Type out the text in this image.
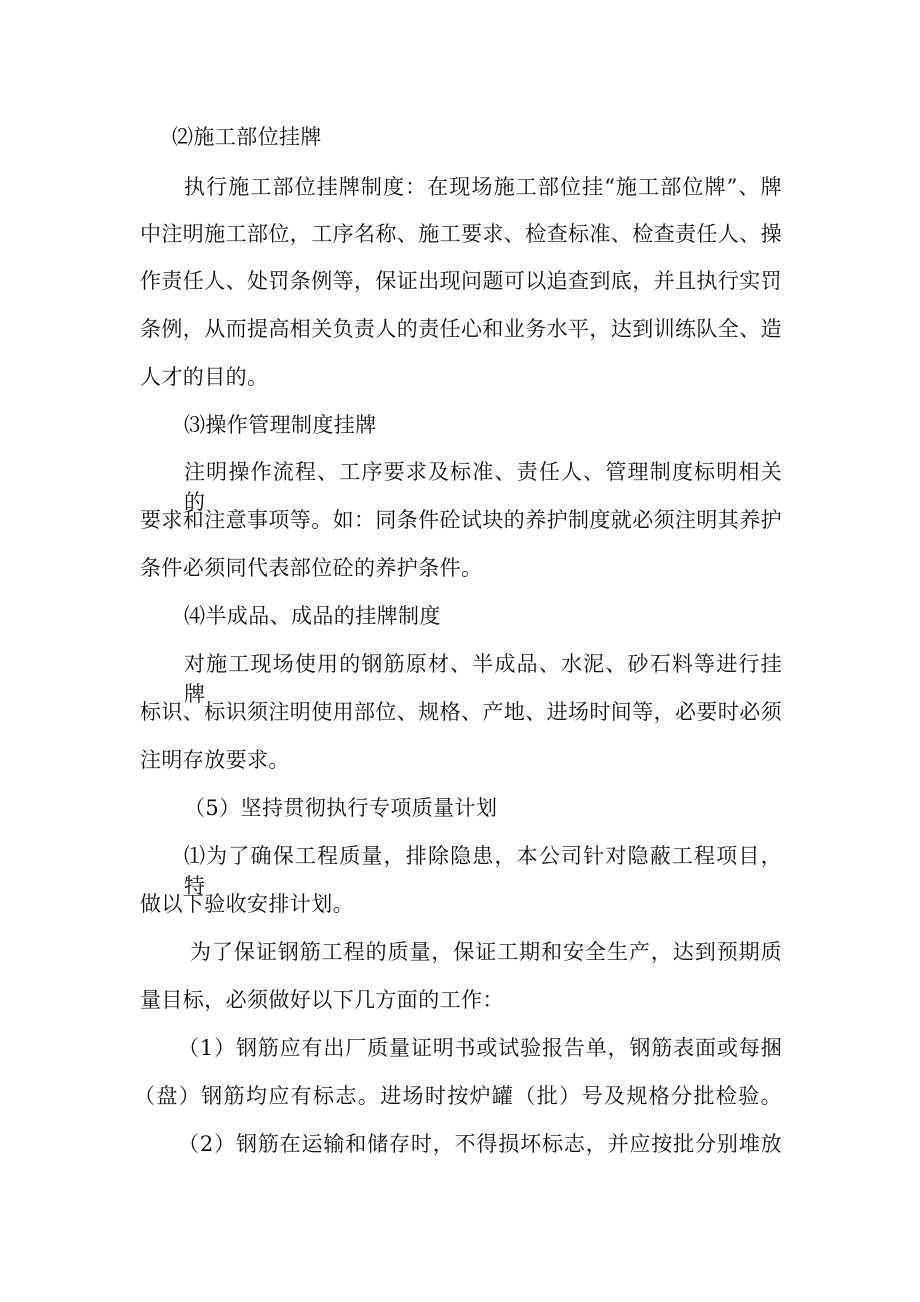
⑵施工部位挂牌
执行施工部位挂牌制度：在现场施工部位挂“施工部位牌”、牌
中注明施工部位，工序名称、施工要求、检查标准、检查责任人、操
作责任人、处罚条例等，保证出现问题可以追查到底，并且执行实罚
条例，从而提高相关负责人的责任心和业务水平，达到训练队全、造
人才的目的。
⑶操作管理制度挂牌
注明操作流程、工序要求及标准、责任人、管理制度标明相关的
要求和注意事项等。如：同条件砼试块的养护制度就必须注明其养护
条件必须同代表部位砼的养护条件。
⑷半成品、成品的挂牌制度
对施工现场使用的钢筋原材、半成品、水泥、砂石料等进行挂牌
标识、标识须注明使用部位、规格、产地、进场时间等，必要时必须
注明存放要求。
（5）坚持贯彻执行专项质量计划
⑴为了确保工程质量，排除隐患，本公司针对隐蔽工程项目，特
做以下验收安排计划。
为了保证钢筋工程的质量，保证工期和安全生产，达到预期质
量目标，必须做好以下几方面的工作：
（1）钢筋应有出厂质量证明书或试验报告单，钢筋表面或每捆
（盘）钢筋均应有标志。进场时按炉罐（批）号及规格分批检验。
（2）钢筋在运输和储存时，不得损坏标志，并应按批分别堆放
